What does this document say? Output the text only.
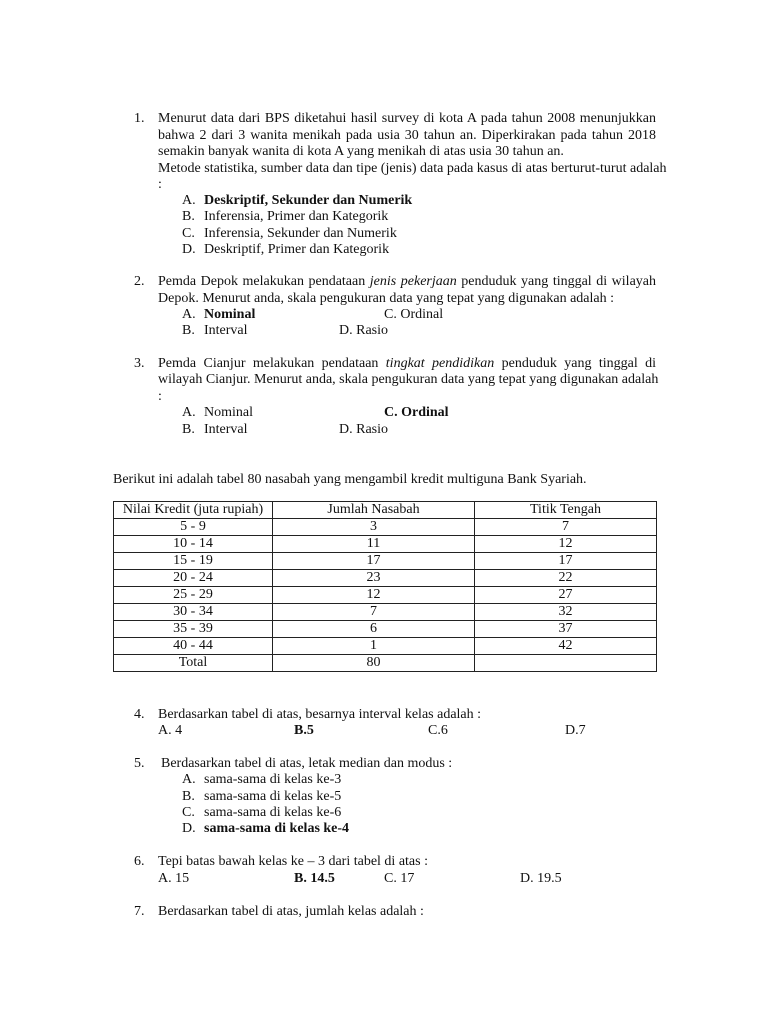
1. Menurut data dari BPS diketahui hasil survey di kota A pada tahun 2008 menunjukkan
bahwa 2 dari 3 wanita menikah pada usia 30 tahun an. Diperkirakan pada tahun 2018
semakin banyak wanita di kota A yang menikah di atas usia 30 tahun an.
Metode statistika, sumber data dan tipe (jenis) data pada kasus di atas berturut-turut adalah
:
A. Deskriptif, Sekunder dan Numerik
B. Inferensia, Primer dan Kategorik
C. Inferensia, Sekunder dan Numerik
D. Deskriptif, Primer dan Kategorik
2. Pemda Depok melakukan pendataan jenis pekerjaan penduduk yang tinggal di wilayah
Depok. Menurut anda, skala pengukuran data yang tepat yang digunakan adalah :
A. Nominal	C. Ordinal
B. Interval	D. Rasio
3. Pemda Cianjur melakukan pendataan tingkat pendidikan penduduk yang tinggal di
wilayah Cianjur. Menurut anda, skala pengukuran data yang tepat yang digunakan adalah
:
A. Nominal	C. Ordinal
B. Interval	D. Rasio
Berikut ini adalah tabel 80 nasabah yang mengambil kredit multiguna Bank Syariah.
Nilai Kredit (juta rupiah)	Jumlah Nasabah	Titik Tengah
5 - 9	3	7
10 - 14	11	12
15 - 19	17	17
20 - 24	23	22
25 - 29	12	27
30 - 34	7	32
35 - 39	6	37
40 - 44	1	42
Total	80	
4. Berdasarkan tabel di atas, besarnya interval kelas adalah :
A. 4	B.5	C.6	D.7
5. Berdasarkan tabel di atas, letak median dan modus :
A. sama-sama di kelas ke-3
B. sama-sama di kelas ke-5
C. sama-sama di kelas ke-6
D. sama-sama di kelas ke-4
6. Tepi batas bawah kelas ke – 3 dari tabel di atas :
A. 15	B. 14.5	C. 17	D. 19.5
7. Berdasarkan tabel di atas, jumlah kelas adalah :
